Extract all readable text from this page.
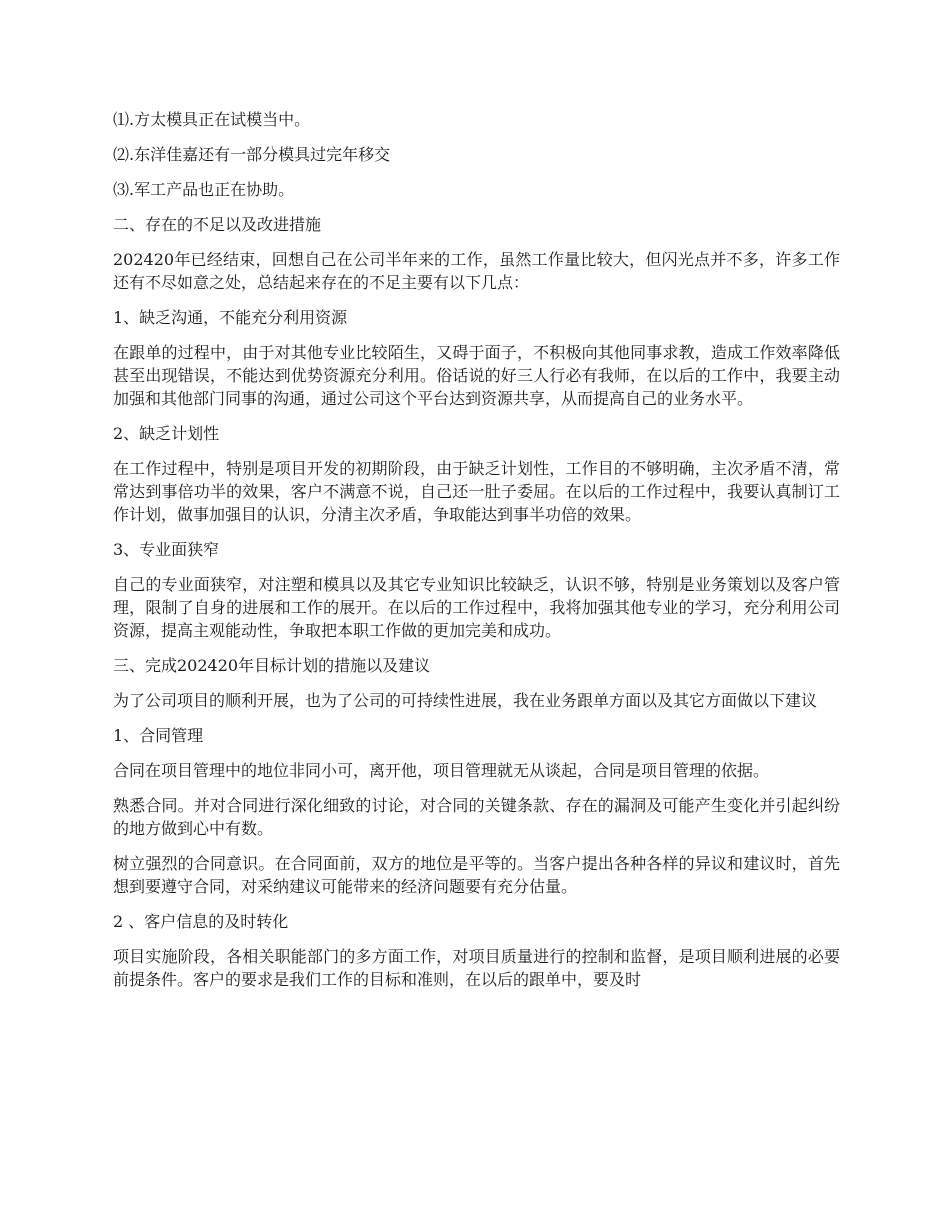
⑴.方太模具正在试模当中。

⑵.东洋佳嘉还有一部分模具过完年移交

⑶.军工产品也正在协助。

二、存在的不足以及改进措施

202420年已经结束，回想自己在公司半年来的工作，虽然工作量比较大，但闪光点并不多，许多工作还有不尽如意之处，总结起来存在的不足主要有以下几点：

1、缺乏沟通，不能充分利用资源

在跟单的过程中，由于对其他专业比较陌生，又碍于面子，不积极向其他同事求教，造成工作效率降低甚至出现错误，不能达到优势资源充分利用。俗话说的好三人行必有我师，在以后的工作中，我要主动加强和其他部门同事的沟通，通过公司这个平台达到资源共享，从而提高自己的业务水平。

2、缺乏计划性

在工作过程中，特别是项目开发的初期阶段，由于缺乏计划性，工作目的不够明确，主次矛盾不清，常常达到事倍功半的效果，客户不满意不说，自己还一肚子委屈。在以后的工作过程中，我要认真制订工作计划，做事加强目的认识，分清主次矛盾，争取能达到事半功倍的效果。

3、专业面狭窄

自己的专业面狭窄，对注塑和模具以及其它专业知识比较缺乏，认识不够，特别是业务策划以及客户管理，限制了自身的进展和工作的展开。在以后的工作过程中，我将加强其他专业的学习，充分利用公司资源，提高主观能动性，争取把本职工作做的更加完美和成功。

三、完成202420年目标计划的措施以及建议

为了公司项目的顺利开展，也为了公司的可持续性进展，我在业务跟单方面以及其它方面做以下建议

1、合同管理

合同在项目管理中的地位非同小可，离开他，项目管理就无从谈起，合同是项目管理的依据。

熟悉合同。并对合同进行深化细致的讨论，对合同的关键条款、存在的漏洞及可能产生变化并引起纠纷的地方做到心中有数。

树立强烈的合同意识。在合同面前，双方的地位是平等的。当客户提出各种各样的异议和建议时，首先想到要遵守合同，对采纳建议可能带来的经济问题要有充分估量。

2 、客户信息的及时转化

项目实施阶段，各相关职能部门的多方面工作，对项目质量进行的控制和监督，是项目顺利进展的必要前提条件。客户的要求是我们工作的目标和准则，在以后的跟单中，要及时
